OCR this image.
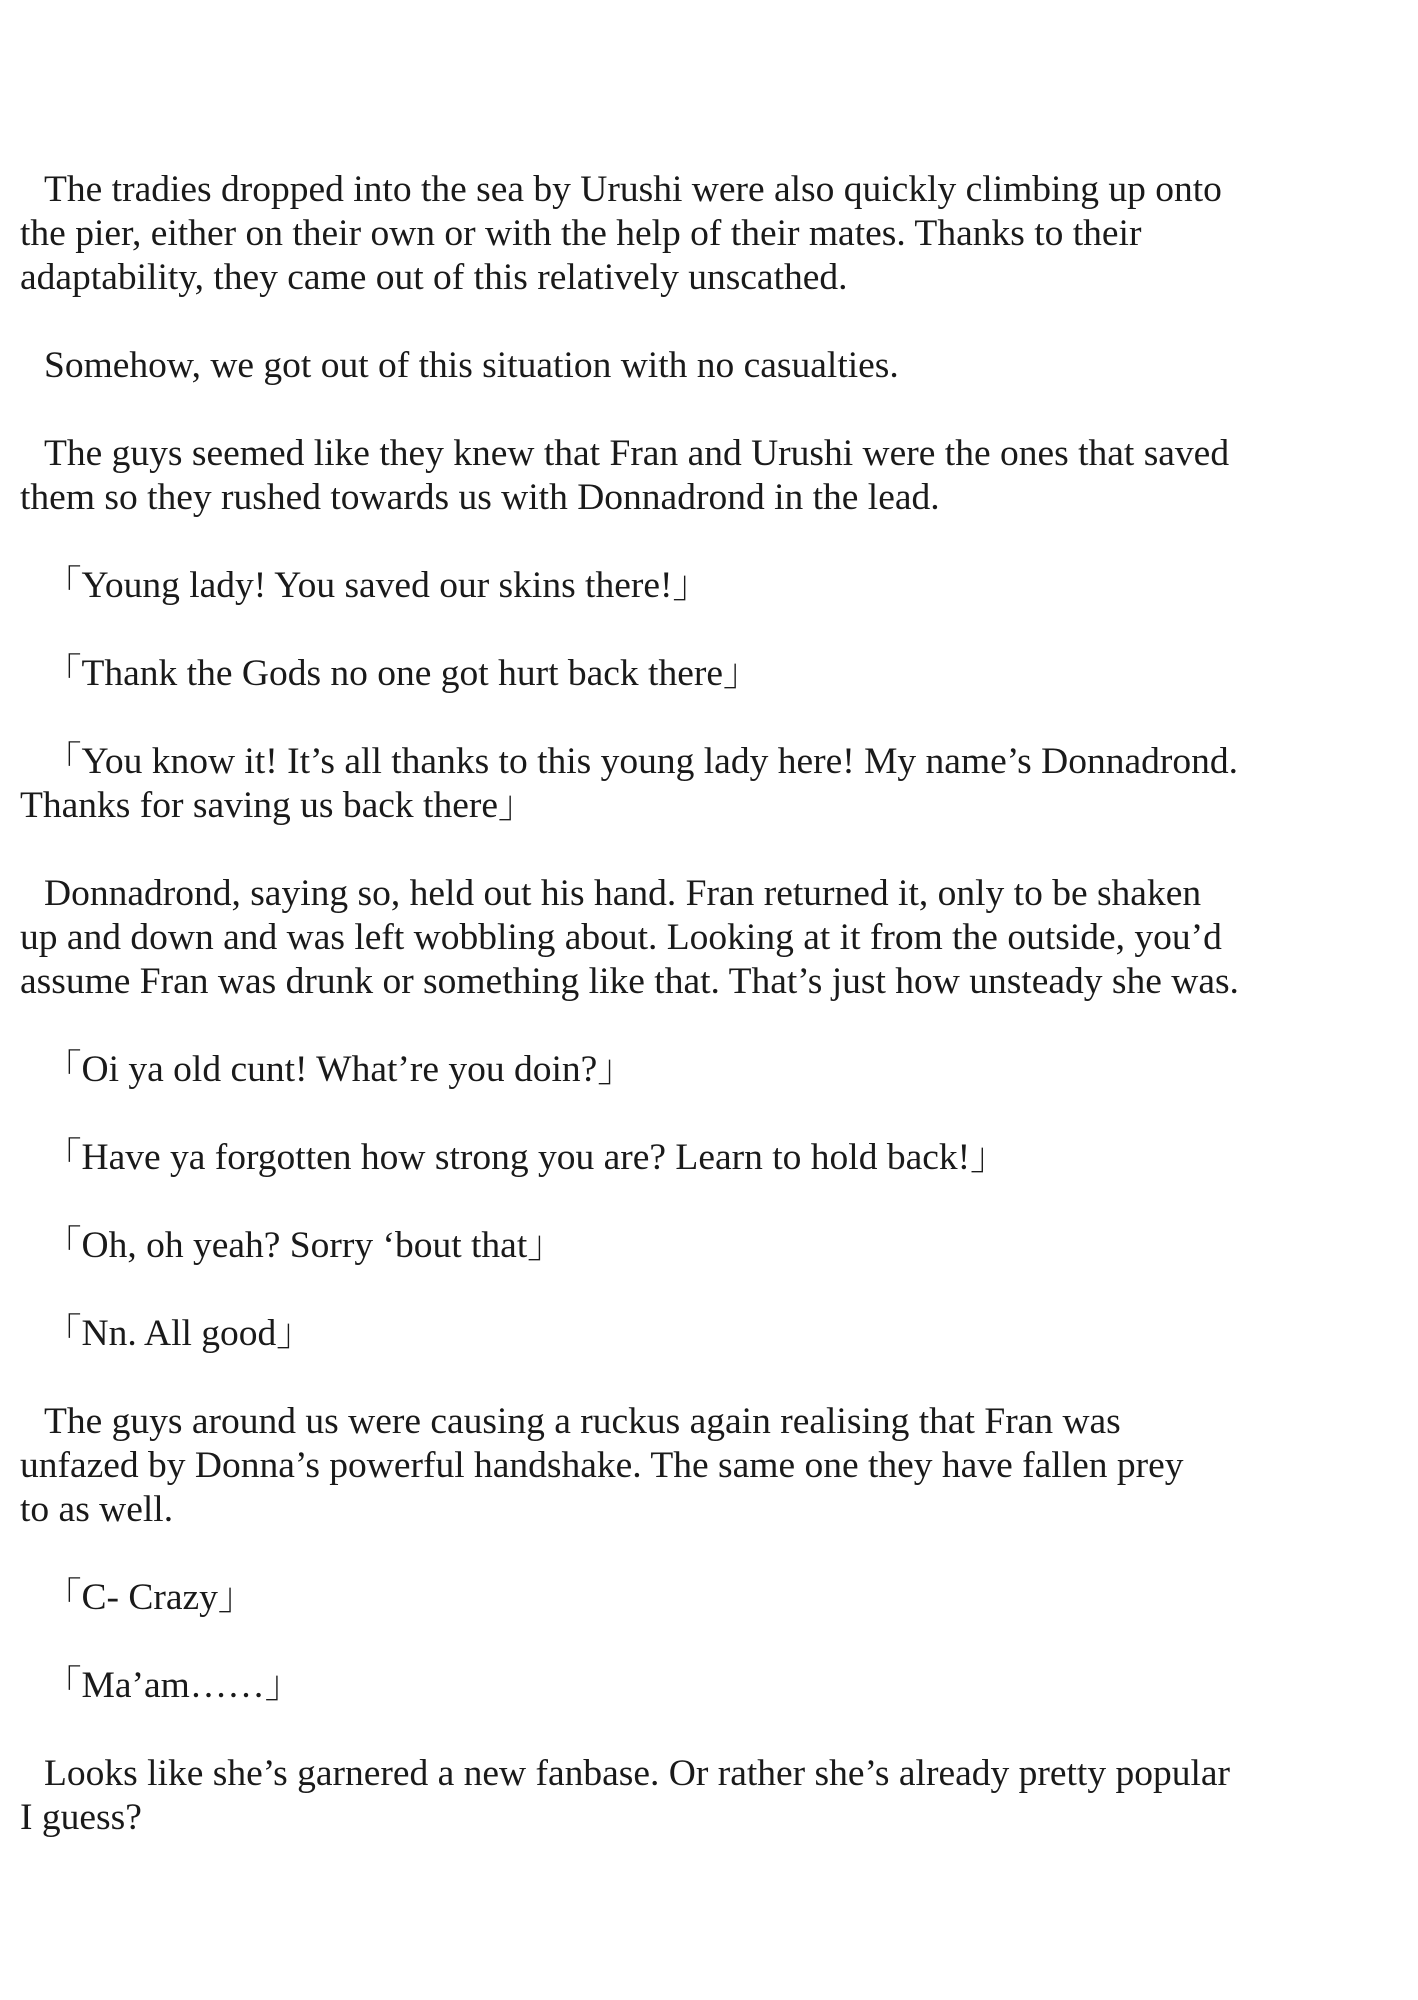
The tradies dropped into the sea by Urushi were also quickly climbing up onto
the pier, either on their own or with the help of their mates. Thanks to their
adaptability, they came out of this relatively unscathed.

Somehow, we got out of this situation with no casualties.

The guys seemed like they knew that Fran and Urushi were the ones that saved
them so they rushed towards us with Donnadrond in the lead.

「Young lady! You saved our skins there!」

「Thank the Gods no one got hurt back there」

「You know it! It’s all thanks to this young lady here! My name’s Donnadrond.
Thanks for saving us back there」

Donnadrond, saying so, held out his hand. Fran returned it, only to be shaken
up and down and was left wobbling about. Looking at it from the outside, you’d
assume Fran was drunk or something like that. That’s just how unsteady she was.

「Oi ya old cunt! What’re you doin?」

「Have ya forgotten how strong you are? Learn to hold back!」

「Oh, oh yeah? Sorry ‘bout that」

「Nn. All good」

The guys around us were causing a ruckus again realising that Fran was
unfazed by Donna’s powerful handshake. The same one they have fallen prey
to as well.

「C- Crazy」

「Ma’am……」

Looks like she’s garnered a new fanbase. Or rather she’s already pretty popular
I guess?
